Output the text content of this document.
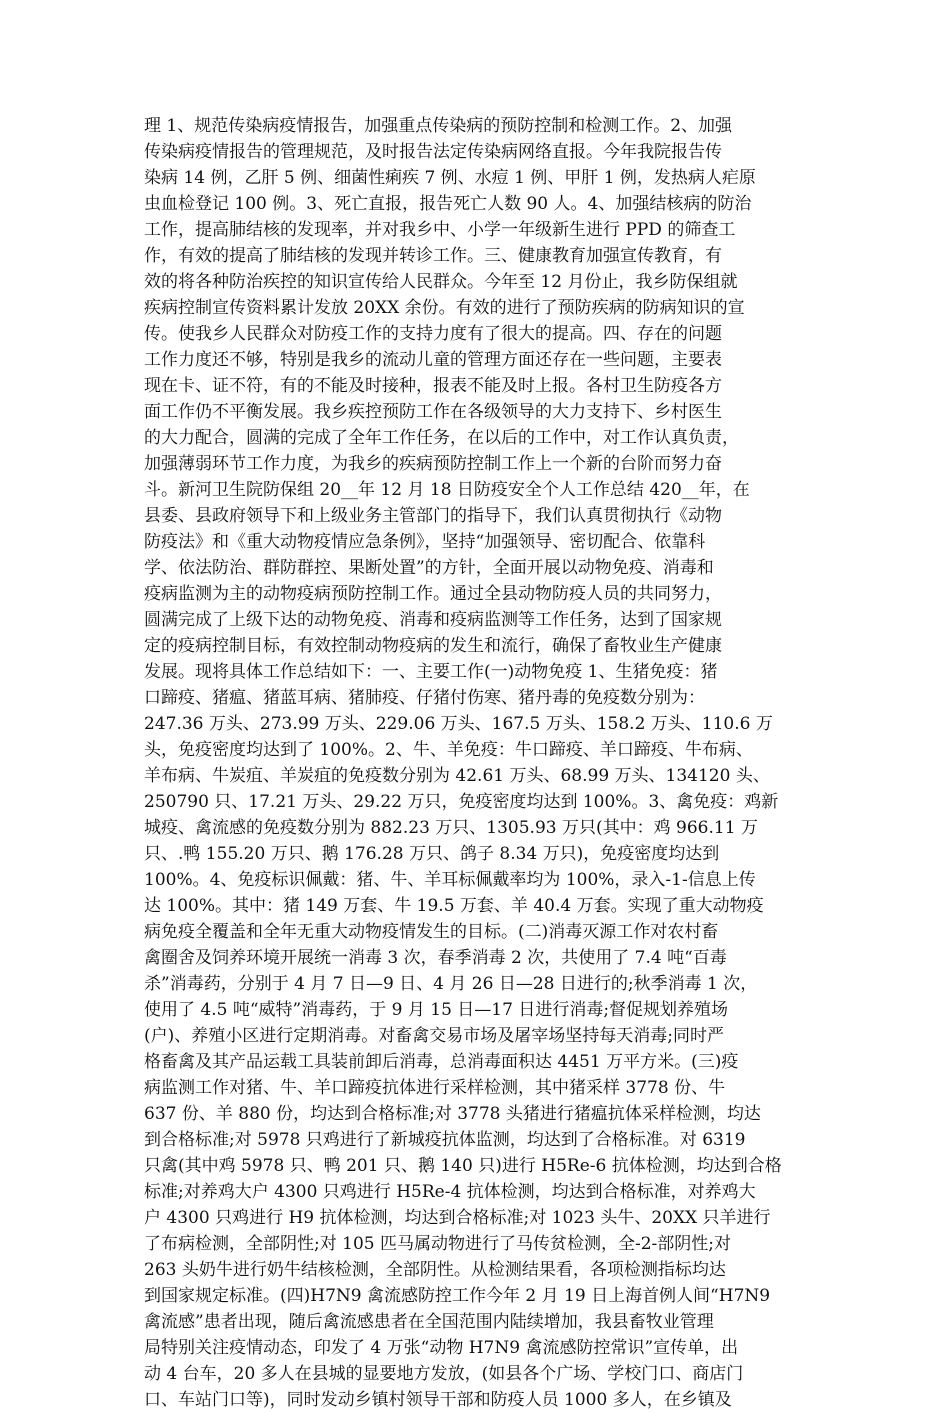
理 1、规范传染病疫情报告，加强重点传染病的预防控制和检测工作。2、加强
传染病疫情报告的管理规范，及时报告法定传染病网络直报。今年我院报告传
染病 14 例，乙肝 5 例、细菌性痢疾 7 例、水痘 1 例、甲肝 1 例，发热病人疟原
虫血检登记 100 例。3、死亡直报，报告死亡人数 90 人。4、加强结核病的防治
工作，提高肺结核的发现率，并对我乡中、小学一年级新生进行 PPD 的筛查工
作，有效的提高了肺结核的发现并转诊工作。三、健康教育加强宣传教育，有
效的将各种防治疾控的知识宣传给人民群众。今年至 12 月份止，我乡防保组就
疾病控制宣传资料累计发放 20XX 余份。有效的进行了预防疾病的防病知识的宣
传。使我乡人民群众对防疫工作的支持力度有了很大的提高。四、存在的问题
工作力度还不够，特别是我乡的流动儿童的管理方面还存在一些问题，主要表
现在卡、证不符，有的不能及时接种，报表不能及时上报。各村卫生防疫各方
面工作仍不平衡发展。我乡疾控预防工作在各级领导的大力支持下、乡村医生
的大力配合，圆满的完成了全年工作任务，在以后的工作中，对工作认真负责，
加强薄弱环节工作力度，为我乡的疾病预防控制工作上一个新的台阶而努力奋
斗。新河卫生院防保组 20__年 12 月 18 日防疫安全个人工作总结 420__年，在
县委、县政府领导下和上级业务主管部门的指导下，我们认真贯彻执行《动物
防疫法》和《重大动物疫情应急条例》，坚持“加强领导、密切配合、依靠科
学、依法防治、群防群控、果断处置”的方针，全面开展以动物免疫、消毒和
疫病监测为主的动物疫病预防控制工作。通过全县动物防疫人员的共同努力，
圆满完成了上级下达的动物免疫、消毒和疫病监测等工作任务，达到了国家规
定的疫病控制目标，有效控制动物疫病的发生和流行，确保了畜牧业生产健康
发展。现将具体工作总结如下：一、主要工作(一)动物免疫 1、生猪免疫：猪
口蹄疫、猪瘟、猪蓝耳病、猪肺疫、仔猪付伤寒、猪丹毒的免疫数分别为：
247.36 万头、273.99 万头、229.06 万头、167.5 万头、158.2 万头、110.6 万
头，免疫密度均达到了 100%。2、牛、羊免疫：牛口蹄疫、羊口蹄疫、牛布病、
羊布病、牛炭疽、羊炭疽的免疫数分别为 42.61 万头、68.99 万头、134120 头、
250790 只、17.21 万头、29.22 万只，免疫密度均达到 100%。3、禽免疫：鸡新
城疫、禽流感的免疫数分别为 882.23 万只、1305.93 万只(其中：鸡 966.11 万
只、.鸭 155.20 万只、鹅 176.28 万只、鸽子 8.34 万只)，免疫密度均达到
100%。4、免疫标识佩戴：猪、牛、羊耳标佩戴率均为 100%，录入-1-信息上传
达 100%。其中：猪 149 万套、牛 19.5 万套、羊 40.4 万套。实现了重大动物疫
病免疫全覆盖和全年无重大动物疫情发生的目标。(二)消毒灭源工作对农村畜
禽圈舍及饲养环境开展统一消毒 3 次，春季消毒 2 次，共使用了 7.4 吨“百毒
杀”消毒药，分别于 4 月 7 日—9 日、4 月 26 日—28 日进行的;秋季消毒 1 次，
使用了 4.5 吨“威特”消毒药，于 9 月 15 日—17 日进行消毒;督促规划养殖场
(户)、养殖小区进行定期消毒。对畜禽交易市场及屠宰场坚持每天消毒;同时严
格畜禽及其产品运载工具装前卸后消毒，总消毒面积达 4451 万平方米。(三)疫
病监测工作对猪、牛、羊口蹄疫抗体进行采样检测，其中猪采样 3778 份、牛
637 份、羊 880 份，均达到合格标准;对 3778 头猪进行猪瘟抗体采样检测，均达
到合格标准;对 5978 只鸡进行了新城疫抗体监测，均达到了合格标准。对 6319
只禽(其中鸡 5978 只、鸭 201 只、鹅 140 只)进行 H5Re-6 抗体检测，均达到合格
标准;对养鸡大户 4300 只鸡进行 H5Re-4 抗体检测，均达到合格标准，对养鸡大
户 4300 只鸡进行 H9 抗体检测，均达到合格标准;对 1023 头牛、20XX 只羊进行
了布病检测，全部阴性;对 105 匹马属动物进行了马传贫检测，全-2-部阴性;对
263 头奶牛进行奶牛结核检测，全部阴性。从检测结果看，各项检测指标均达
到国家规定标准。(四)H7N9 禽流感防控工作今年 2 月 19 日上海首例人间“H7N9
禽流感”患者出现，随后禽流感患者在全国范围内陆续增加，我县畜牧业管理
局特别关注疫情动态，印发了 4 万张“动物 H7N9 禽流感防控常识”宣传单，出
动 4 台车，20 多人在县城的显要地方发放，(如县各个广场、学校门口、商店门
口、车站门口等)，同时发动乡镇村领导干部和防疫人员 1000 多人，在乡镇及
